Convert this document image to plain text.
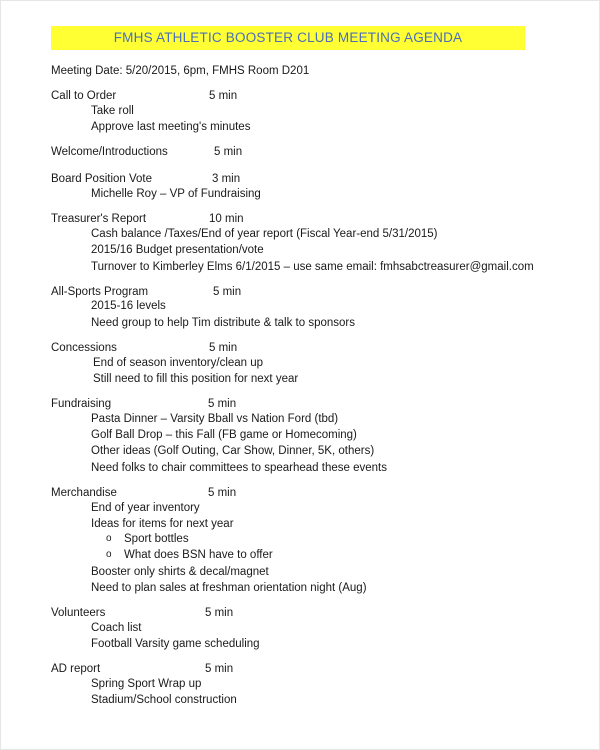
FMHS ATHLETIC BOOSTER CLUB MEETING AGENDA
Meeting Date: 5/20/2015, 6pm, FMHS Room D201
Call to Order	5 min
Take roll
Approve last meeting's minutes
Welcome/Introductions	5 min
Board Position Vote	3 min
Michelle Roy – VP of Fundraising
Treasurer's Report	10 min
Cash balance /Taxes/End of year report (Fiscal Year-end 5/31/2015)
2015/16 Budget presentation/vote
Turnover to Kimberley Elms 6/1/2015 – use same email: fmhsabctreasurer@gmail.com
All-Sports Program	5 min
2015-16 levels
Need group to help Tim distribute & talk to sponsors
Concessions	5 min
End of season inventory/clean up
Still need to fill this position for next year
Fundraising	5 min
Pasta Dinner – Varsity Bball vs Nation Ford (tbd)
Golf Ball Drop – this Fall (FB game or Homecoming)
Other ideas (Golf Outing, Car Show, Dinner, 5K, others)
Need folks to chair committees to spearhead these events
Merchandise	5 min
End of year inventory
Ideas for items for next year
o Sport bottles
o What does BSN have to offer
Booster only shirts & decal/magnet
Need to plan sales at freshman orientation night (Aug)
Volunteers	5 min
Coach list
Football Varsity game scheduling
AD report	5 min
Spring Sport Wrap up
Stadium/School construction
